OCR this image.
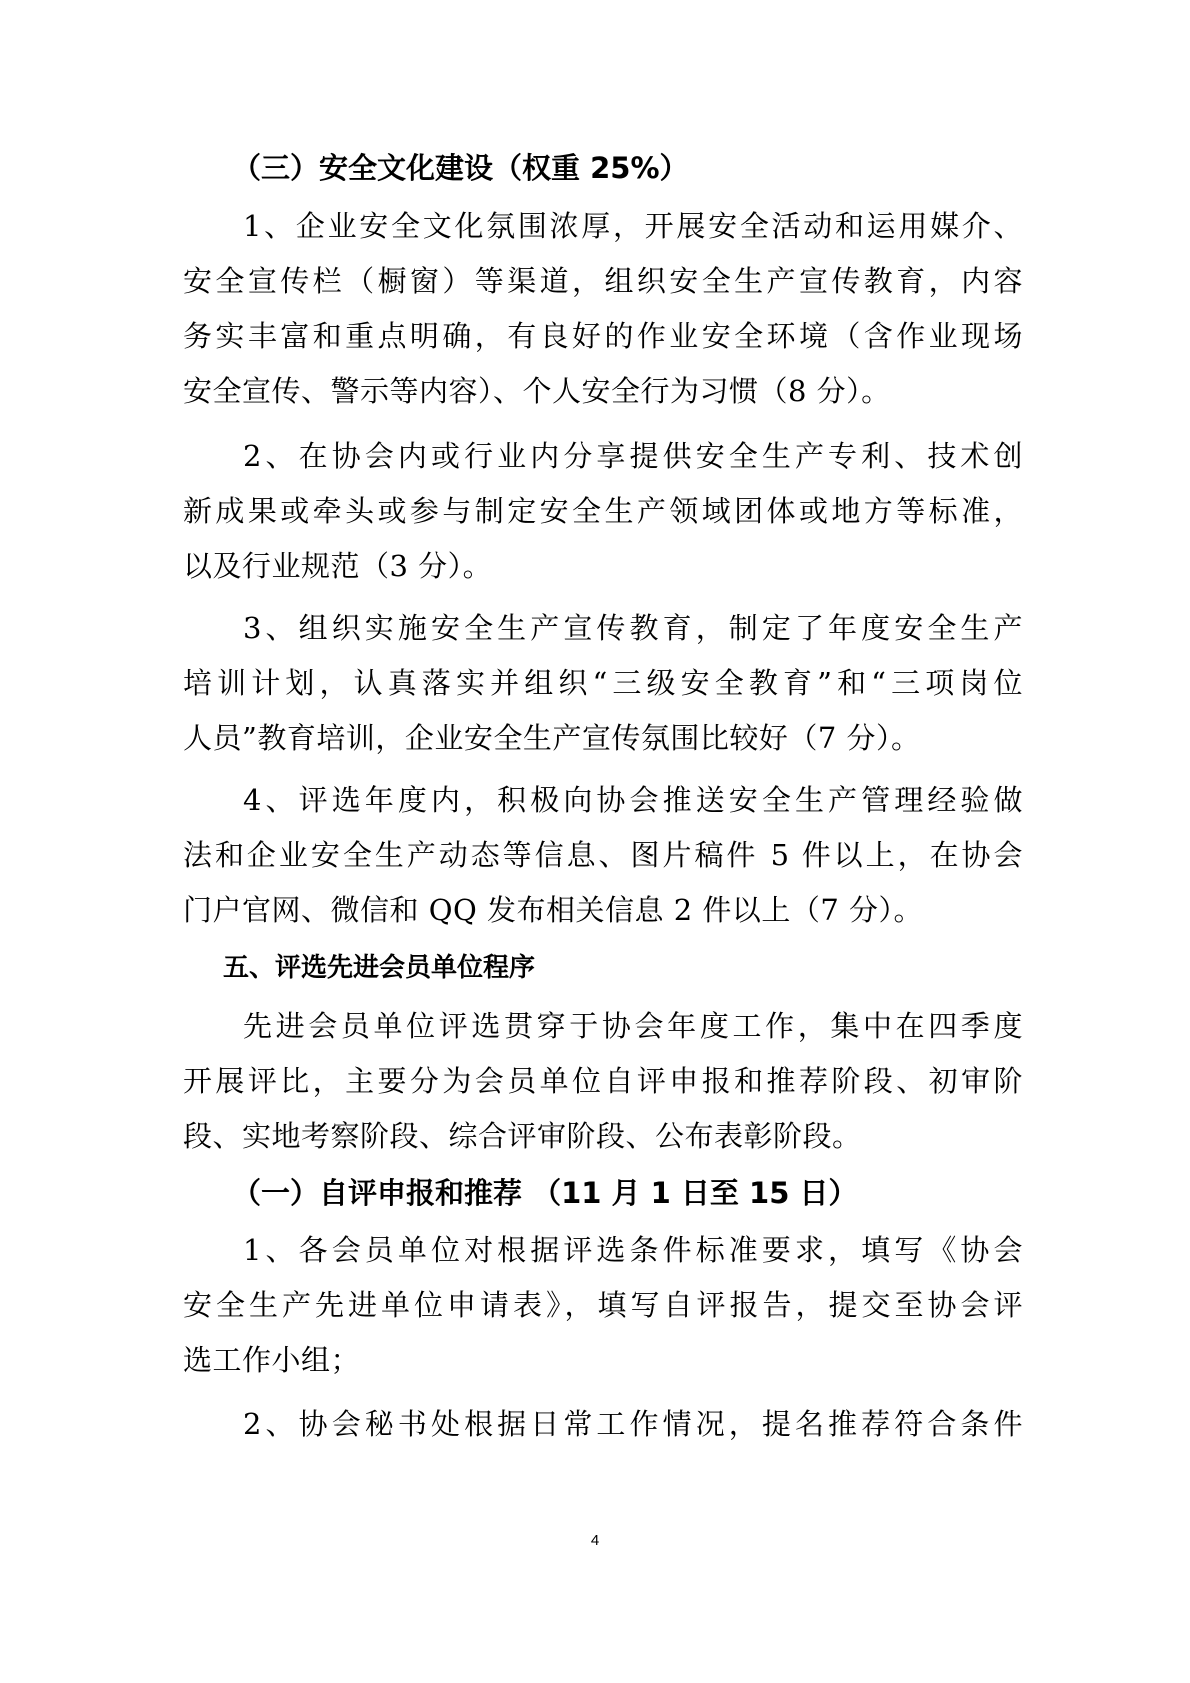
（三）安全文化建设（权重 25%）
1、企业安全文化氛围浓厚，开展安全活动和运用媒介、
安全宣传栏（橱窗）等渠道，组织安全生产宣传教育，内容
务实丰富和重点明确，有良好的作业安全环境（含作业现场
安全宣传、警示等内容）、个人安全行为习惯（8 分）。
2、在协会内或行业内分享提供安全生产专利、技术创
新成果或牵头或参与制定安全生产领域团体或地方等标准，
以及行业规范（3 分）。
3、组织实施安全生产宣传教育，制定了年度安全生产
培训计划，认真落实并组织“三级安全教育”和“三项岗位
人员”教育培训，企业安全生产宣传氛围比较好（7 分）。
4、评选年度内，积极向协会推送安全生产管理经验做
法和企业安全生产动态等信息、图片稿件 5 件以上，在协会
门户官网、微信和 QQ 发布相关信息 2 件以上（7 分）。
五、评选先进会员单位程序
先进会员单位评选贯穿于协会年度工作，集中在四季度
开展评比，主要分为会员单位自评申报和推荐阶段、初审阶
段、实地考察阶段、综合评审阶段、公布表彰阶段。
（一）自评申报和推荐 （11 月 1 日至 15 日）
1、各会员单位对根据评选条件标准要求，填写《协会
安全生产先进单位申请表》，填写自评报告，提交至协会评
选工作小组；
2、协会秘书处根据日常工作情况，提名推荐符合条件
4
